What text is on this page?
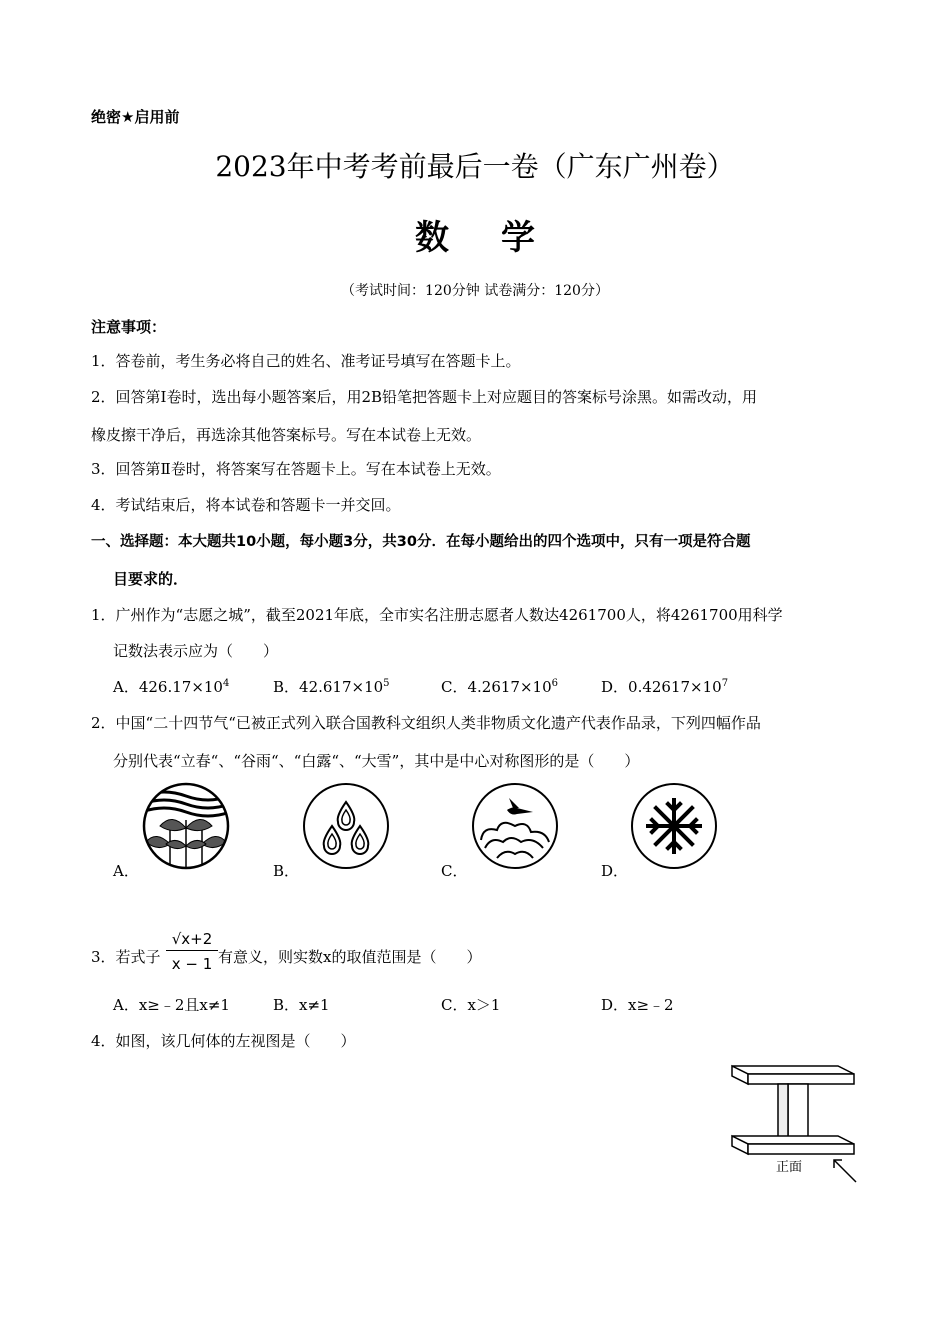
绝密★启用前
2023年中考考前最后一卷（广东广州卷）
数学
（考试时间：120分钟 试卷满分：120分）
注意事项：
1．答卷前，考生务必将自己的姓名、准考证号填写在答题卡上。
2．回答第Ⅰ卷时，选出每小题答案后，用2B铅笔把答题卡上对应题目的答案标号涂黑。如需改动，用
橡皮擦干净后，再选涂其他答案标号。写在本试卷上无效。
3．回答第Ⅱ卷时，将答案写在答题卡上。写在本试卷上无效。
4．考试结束后，将本试卷和答题卡一并交回。
一、选择题：本大题共10小题，每小题3分，共30分．在每小题给出的四个选项中，只有一项是符合题
目要求的．
1．广州作为“志愿之城”，截至2021年底，全市实名注册志愿者人数达4261700人，将4261700用科学
记数法表示应为（　　）
A．$426.17\times 10^4$	B．$42.617\times 10^5$	C．$4.2617\times 10^6$	D．$0.42617\times 10^7$
2．中国“二十四节气“已被正式列入联合国教科文组织人类非物质文化遗产代表作品录，下列四幅作品
分别代表“立春“、“谷雨“、“白露“、“大雪”，其中是中心对称图形的是（　　）
A．	B．	C．	D．
3．若式子 $\frac{√x+2}{x - 1}$ 有意义，则实数x的取值范围是（　　）
A．x≥﹣2且x≠1	B．x≠1	C．x＞1	D．x≥﹣2
4．如图，该几何体的左视图是（　　）
正面
